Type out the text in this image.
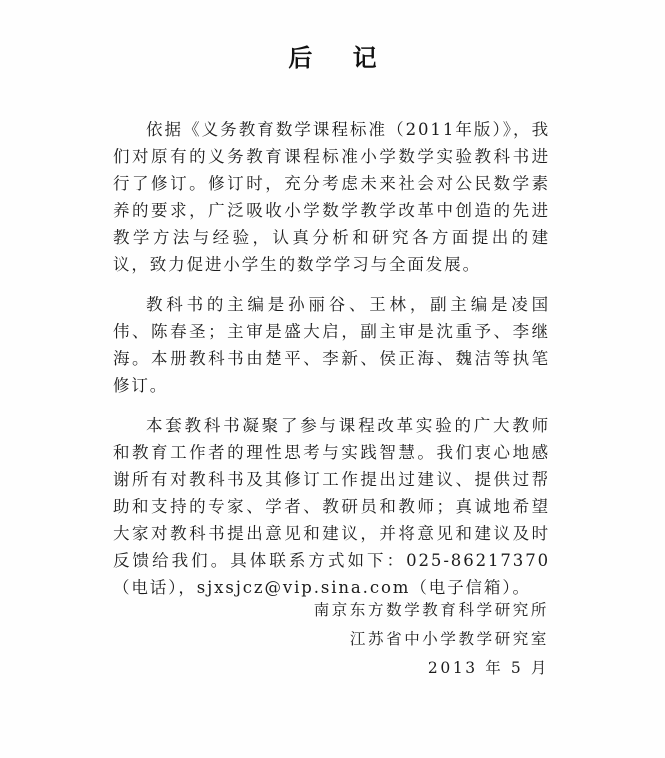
后 记

依据《义务教育数学课程标准（2011年版）》，我们对原有的义务教育课程标准小学数学实验教科书进行了修订。修订时，充分考虑未来社会对公民数学素养的要求，广泛吸收小学数学教学改革中创造的先进教学方法与经验，认真分析和研究各方面提出的建议，致力促进小学生的数学学习与全面发展。

教科书的主编是孙丽谷、王林，副主编是凌国伟、陈春圣；主审是盛大启，副主审是沈重予、李继海。本册教科书由楚平、李新、侯正海、魏洁等执笔修订。

本套教科书凝聚了参与课程改革实验的广大教师和教育工作者的理性思考与实践智慧。我们衷心地感谢所有对教科书及其修订工作提出过建议、提供过帮助和支持的专家、学者、教研员和教师；真诚地希望大家对教科书提出意见和建议，并将意见和建议及时反馈给我们。具体联系方式如下：025-86217370（电话），sjxsjcz@vip.sina.com（电子信箱）。

南京东方数学教育科学研究所
江苏省中小学教学研究室
2013 年 5 月
